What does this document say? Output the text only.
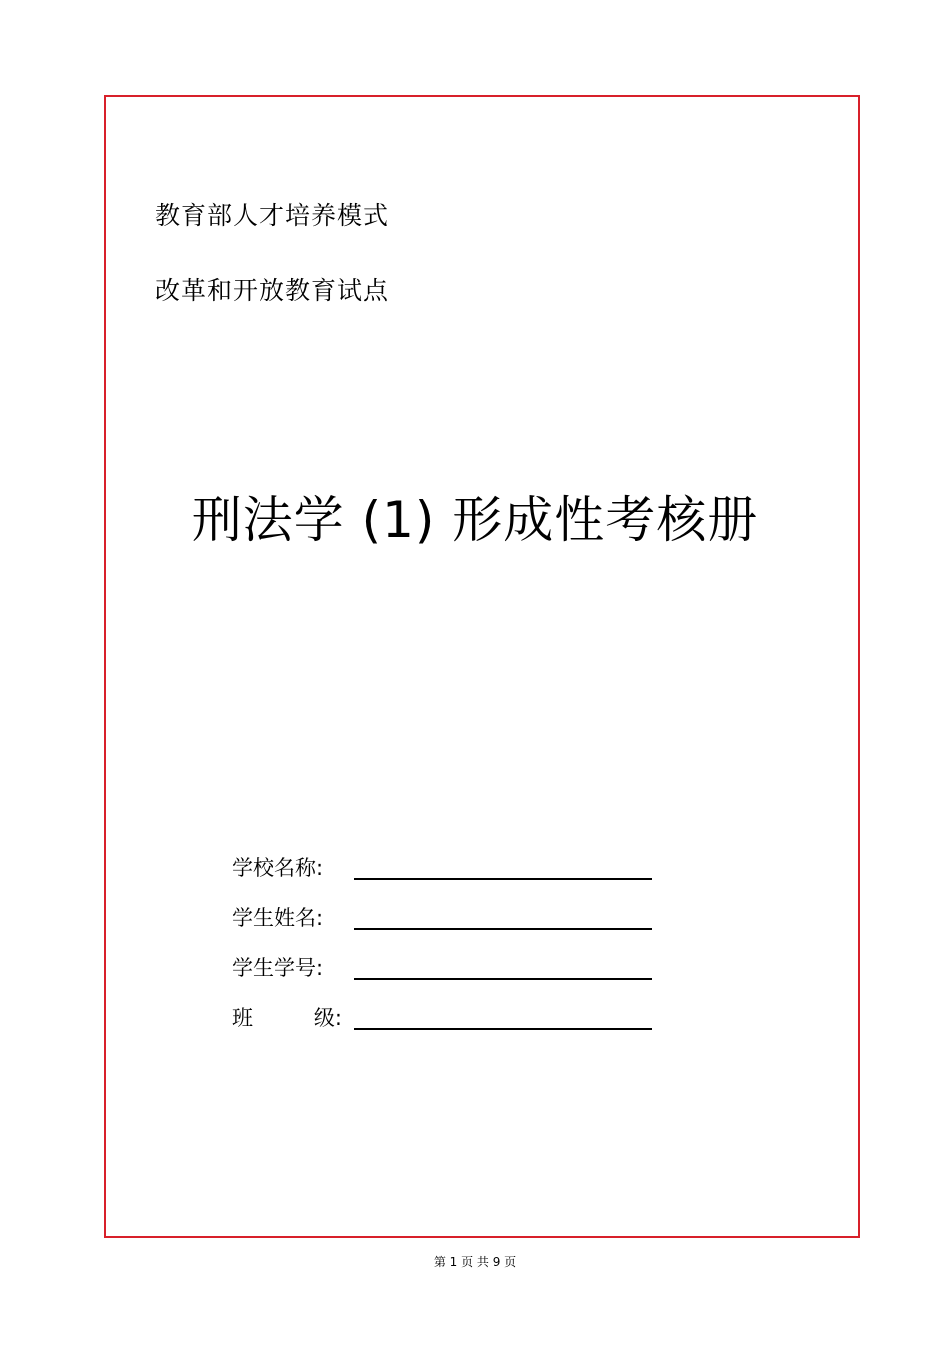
教育部人才培养模式
改革和开放教育试点
刑法学 (1) 形成性考核册
学校名称:
学生姓名:
学生学号:
班	级:
第 1 页 共 9 页
